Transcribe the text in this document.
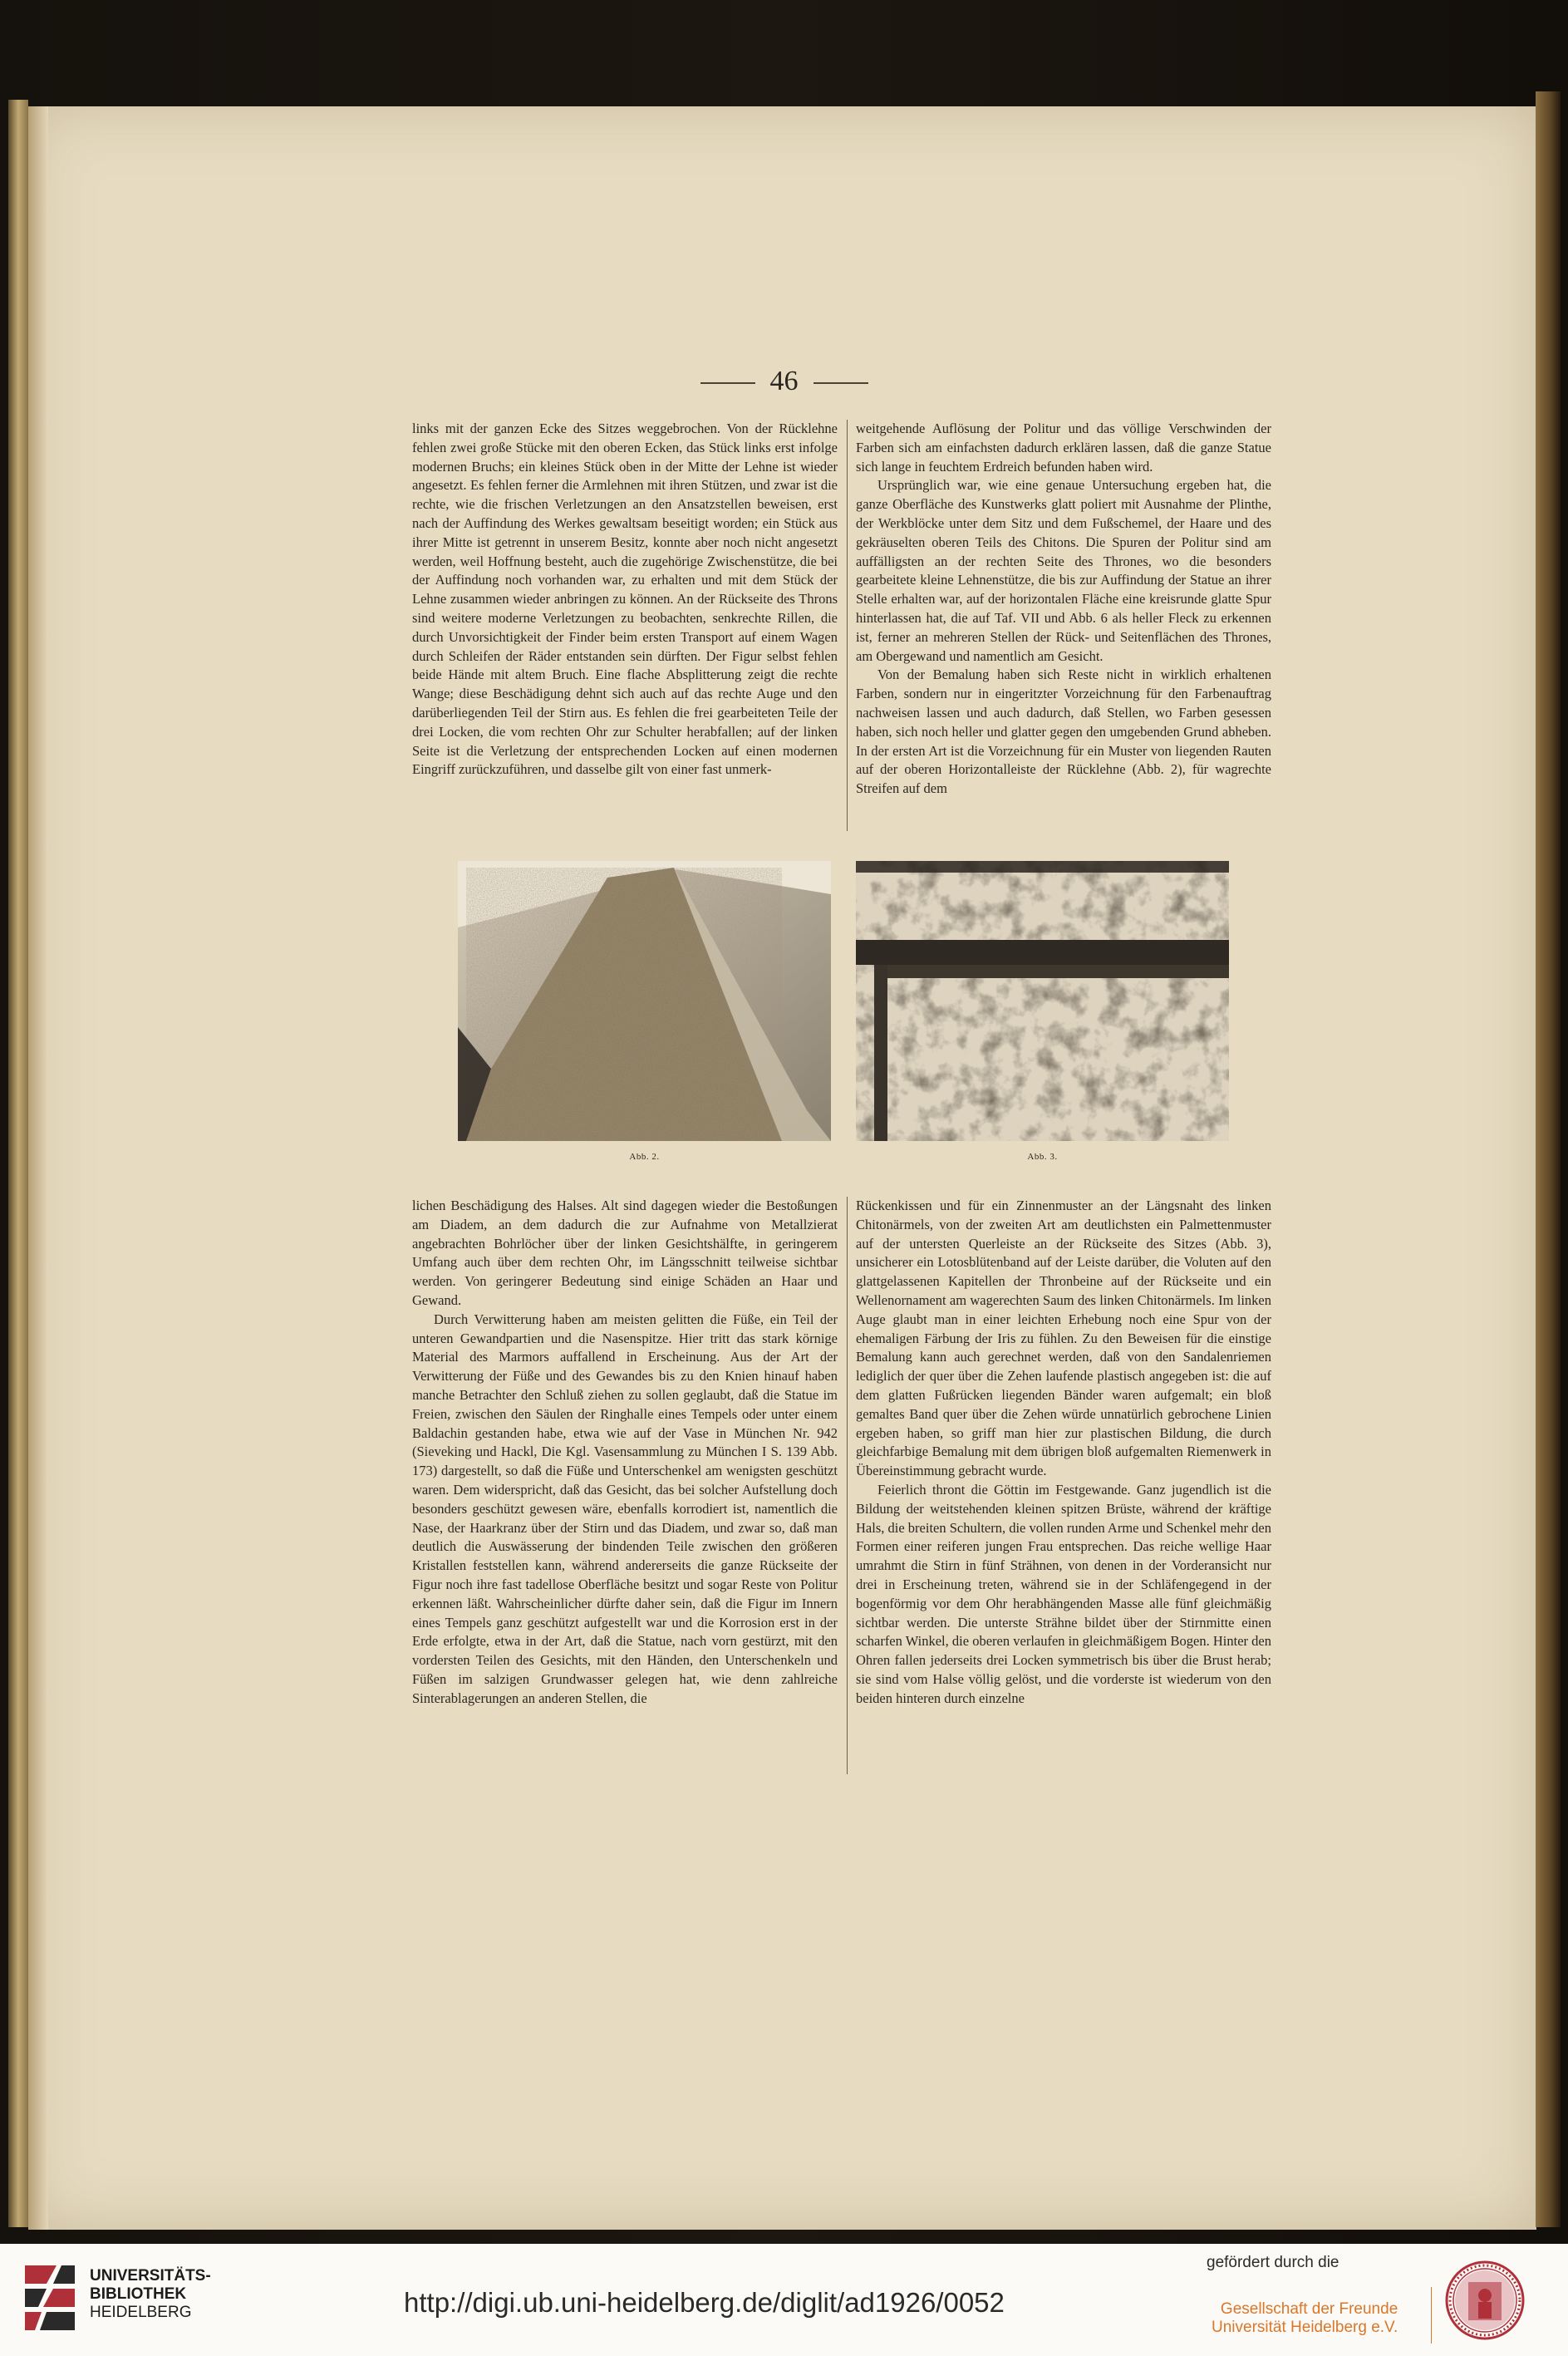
46

links mit der ganzen Ecke des Sitzes weggebrochen. Von der Rücklehne fehlen zwei große Stücke mit den oberen Ecken, das Stück links erst infolge modernen Bruchs; ein kleines Stück oben in der Mitte der Lehne ist wieder angesetzt. Es fehlen ferner die Armlehnen mit ihren Stützen, und zwar ist die rechte, wie die frischen Verletzungen an den Ansatzstellen beweisen, erst nach der Auffindung des Werkes gewaltsam beseitigt worden; ein Stück aus ihrer Mitte ist getrennt in unserem Besitz, konnte aber noch nicht angesetzt werden, weil Hoffnung besteht, auch die zugehörige Zwischenstütze, die bei der Auffindung noch vorhanden war, zu erhalten und mit dem Stück der Lehne zusammen wieder anbringen zu können. An der Rückseite des Throns sind weitere moderne Verletzungen zu beobachten, senkrechte Rillen, die durch Unvorsichtigkeit der Finder beim ersten Transport auf einem Wagen durch Schleifen der Räder entstanden sein dürften. Der Figur selbst fehlen beide Hände mit altem Bruch. Eine flache Absplitterung zeigt die rechte Wange; diese Beschädigung dehnt sich auch auf das rechte Auge und den darüberliegenden Teil der Stirn aus. Es fehlen die frei gearbeiteten Teile der drei Locken, die vom rechten Ohr zur Schulter herabfallen; auf der linken Seite ist die Verletzung der entsprechenden Locken auf einen modernen Eingriff zurückzuführen, und dasselbe gilt von einer fast unmerk-

weitgehende Auflösung der Politur und das völlige Verschwinden der Farben sich am einfachsten dadurch erklären lassen, daß die ganze Statue sich lange in feuchtem Erdreich befunden haben wird.

Ursprünglich war, wie eine genaue Untersuchung ergeben hat, die ganze Oberfläche des Kunstwerks glatt poliert mit Ausnahme der Plinthe, der Werkblöcke unter dem Sitz und dem Fußschemel, der Haare und des gekräuselten oberen Teils des Chitons. Die Spuren der Politur sind am auffälligsten an der rechten Seite des Thrones, wo die besonders gearbeitete kleine Lehnenstütze, die bis zur Auffindung der Statue an ihrer Stelle erhalten war, auf der horizontalen Fläche eine kreisrunde glatte Spur hinterlassen hat, die auf Taf. VII und Abb. 6 als heller Fleck zu erkennen ist, ferner an mehreren Stellen der Rück- und Seitenflächen des Thrones, am Obergewand und namentlich am Gesicht.

Von der Bemalung haben sich Reste nicht in wirklich erhaltenen Farben, sondern nur in eingeritzter Vorzeichnung für den Farbenauftrag nachweisen lassen und auch dadurch, daß Stellen, wo Farben gesessen haben, sich noch heller und glatter gegen den umgebenden Grund abheben. In der ersten Art ist die Vorzeichnung für ein Muster von liegenden Rauten auf der oberen Horizontalleiste der Rücklehne (Abb. 2), für wagrechte Streifen auf dem

Abb. 2.	Abb. 3.

lichen Beschädigung des Halses. Alt sind dagegen wieder die Bestoßungen am Diadem, an dem dadurch die zur Aufnahme von Metallzierat angebrachten Bohrlöcher über der linken Gesichtshälfte, in geringerem Umfang auch über dem rechten Ohr, im Längsschnitt teilweise sichtbar werden. Von geringerer Bedeutung sind einige Schäden an Haar und Gewand.

Durch Verwitterung haben am meisten gelitten die Füße, ein Teil der unteren Gewandpartien und die Nasenspitze. Hier tritt das stark körnige Material des Marmors auffallend in Erscheinung. Aus der Art der Verwitterung der Füße und des Gewandes bis zu den Knien hinauf haben manche Betrachter den Schluß ziehen zu sollen geglaubt, daß die Statue im Freien, zwischen den Säulen der Ringhalle eines Tempels oder unter einem Baldachin gestanden habe, etwa wie auf der Vase in München Nr. 942 (Sieveking und Hackl, Die Kgl. Vasensammlung zu München I S. 139 Abb. 173) dargestellt, so daß die Füße und Unterschenkel am wenigsten geschützt waren. Dem widerspricht, daß das Gesicht, das bei solcher Aufstellung doch besonders geschützt gewesen wäre, ebenfalls korrodiert ist, namentlich die Nase, der Haarkranz über der Stirn und das Diadem, und zwar so, daß man deutlich die Auswässerung der bindenden Teile zwischen den größeren Kristallen feststellen kann, während andererseits die ganze Rückseite der Figur noch ihre fast tadellose Oberfläche besitzt und sogar Reste von Politur erkennen läßt. Wahrscheinlicher dürfte daher sein, daß die Figur im Innern eines Tempels ganz geschützt aufgestellt war und die Korrosion erst in der Erde erfolgte, etwa in der Art, daß die Statue, nach vorn gestürzt, mit den vordersten Teilen des Gesichts, mit den Händen, den Unterschenkeln und Füßen im salzigen Grundwasser gelegen hat, wie denn zahlreiche Sinterablagerungen an anderen Stellen, die

Rückenkissen und für ein Zinnenmuster an der Längsnaht des linken Chitonärmels, von der zweiten Art am deutlichsten ein Palmettenmuster auf der untersten Querleiste an der Rückseite des Sitzes (Abb. 3), unsicherer ein Lotosblütenband auf der Leiste darüber, die Voluten auf den glattgelassenen Kapitellen der Thronbeine auf der Rückseite und ein Wellenornament am wagerechten Saum des linken Chitonärmels. Im linken Auge glaubt man in einer leichten Erhebung noch eine Spur von der ehemaligen Färbung der Iris zu fühlen. Zu den Beweisen für die einstige Bemalung kann auch gerechnet werden, daß von den Sandalenriemen lediglich der quer über die Zehen laufende plastisch angegeben ist: die auf dem glatten Fußrücken liegenden Bänder waren aufgemalt; ein bloß gemaltes Band quer über die Zehen würde unnatürlich gebrochene Linien ergeben haben, so griff man hier zur plastischen Bildung, die durch gleichfarbige Bemalung mit dem übrigen bloß aufgemalten Riemenwerk in Übereinstimmung gebracht wurde.

Feierlich thront die Göttin im Festgewande. Ganz jugendlich ist die Bildung der weitstehenden kleinen spitzen Brüste, während der kräftige Hals, die breiten Schultern, die vollen runden Arme und Schenkel mehr den Formen einer reiferen jungen Frau entsprechen. Das reiche wellige Haar umrahmt die Stirn in fünf Strähnen, von denen in der Vorderansicht nur drei in Erscheinung treten, während sie in der Schläfengegend in der bogenförmig vor dem Ohr herabhängenden Masse alle fünf gleichmäßig sichtbar werden. Die unterste Strähne bildet über der Stirnmitte einen scharfen Winkel, die oberen verlaufen in gleichmäßigem Bogen. Hinter den Ohren fallen jederseits drei Locken symmetrisch bis über die Brust herab; sie sind vom Halse völlig gelöst, und die vorderste ist wiederum von den beiden hinteren durch einzelne

UNIVERSITÄTS-
BIBLIOTHEK
HEIDELBERG	http://digi.ub.uni-heidelberg.de/diglit/ad1926/0052
gefördert durch die
Gesellschaft der Freunde
Universität Heidelberg e.V.
